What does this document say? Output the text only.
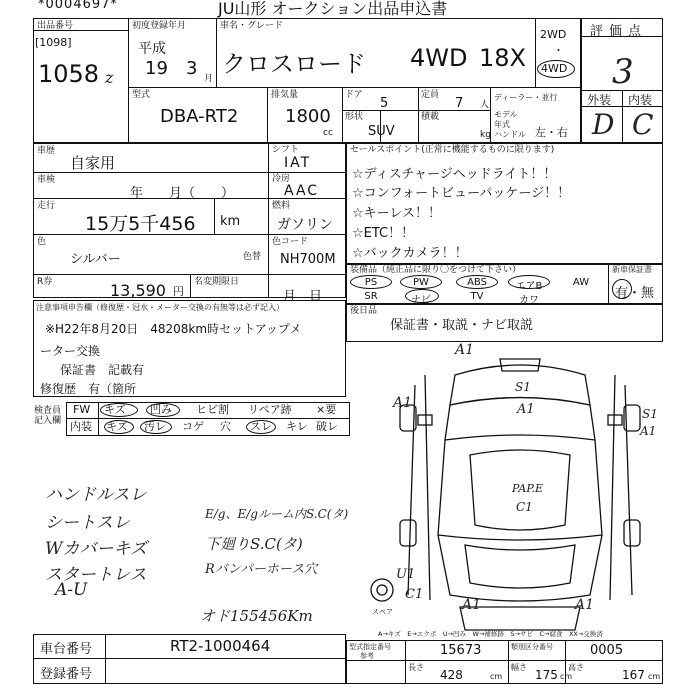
*0004697*	JU山形 オークション出品申込書
出品番号
[1098]
1058 z
初度登録年月
平成
19 3 月
車名・グレード
クロスロード 4WD 18X
2WD
・
4WD
型式
DBA-RT2
排気量
1800
cc
ドア
5
定員
7 人
ディーラー・並行
モデル年式
形状
SUV
積載
kg ハンドル 左・右
評価点
3
外装 内装
D C
車歴
自家用
車検
年　　月（　　）
走行
15万5千456 km
色
シルバー	色替
R券	13,590 円
名変期限日
月　日
シフト
IAT
冷房
AAC
燃料
ガソリン
色コード
NH700M
セールスポイント(正常に機能するものに限ります)
☆ディスチャージヘッドライト！！
☆コンフォートビューパッケージ！！
☆キーレス！！
☆ETC！！
☆バックカメラ！！
装備品（純正品に限り〇をつけて下さい）	新車保証書
有・無
PS	PW	ABS	エアB	AW
SR	ナビ	TV	カワ
後日品
保証書・取説・ナビ取説
注意事項申告欄（修復歴・冠水・メーター交換の有無等は必ず記入）
※H22年8月20日　48208km時セットアップメ
ーター交換
保証書　記載有
修復歴　有（箇所
検査員記入欄
FW キズ 凹み ヒビ割 リペア跡 ×要
内装 キズ 汚レ コゲ 穴 スレ キレ 破レ
ハンドルスレ
シートスレ
Wカバーキズ
スタートレス
A-U
E/g、E/gルーム内S.C(タ)
下廻りS.C(タ)
Rバンパーホース穴
オド155456Km
A1
S1
A1
A1
S1
A1
PAP.E
C1
U1
C1
A1	A1
スペア
A→キズ　E→エクボ　U→凹み　W→補修跡　S→サビ　C→腐食　XX→交換済
車台番号	RT2-1000464
登録番号
型式指定番号
参考	15673	類別区分番号	0005
長さ
428	cm
幅さ
175 cm
高さ
167 cm
